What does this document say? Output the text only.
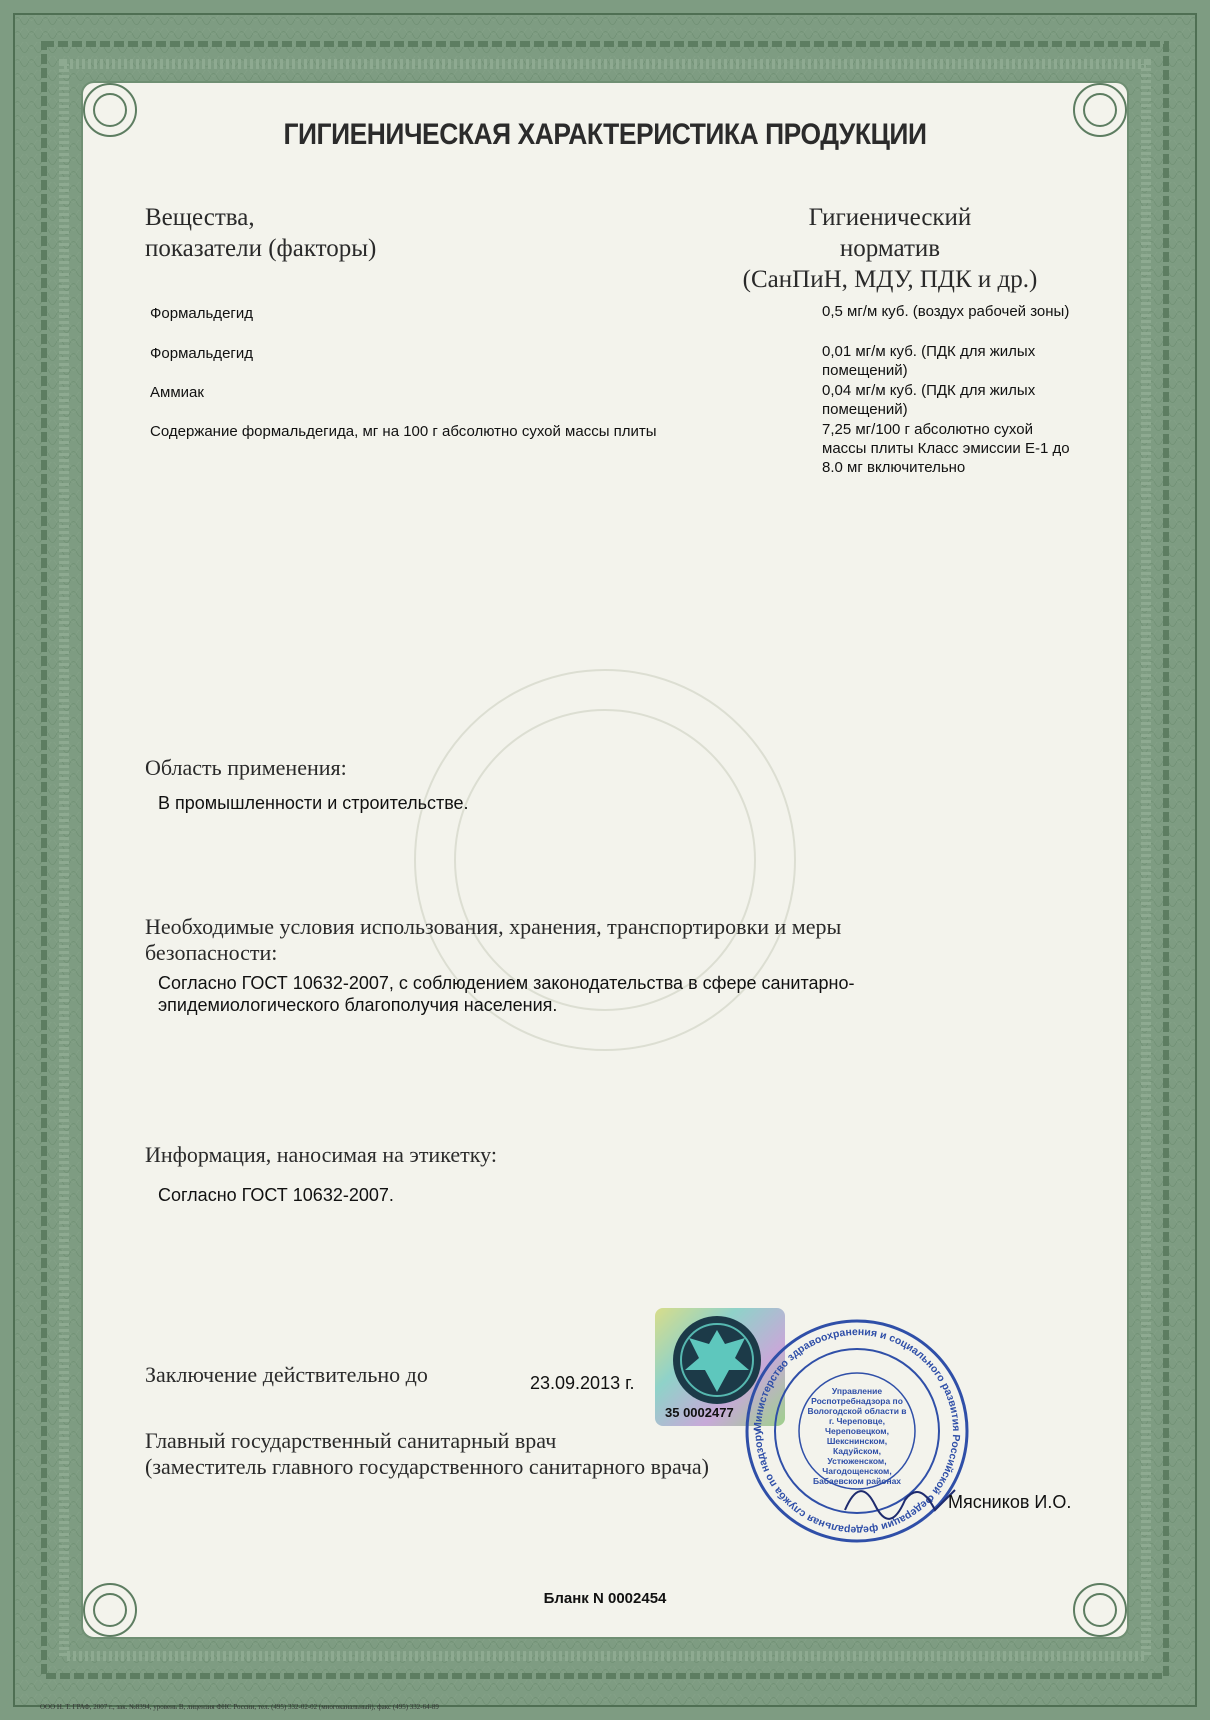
ГИГИЕНИЧЕСКАЯ ХАРАКТЕРИСТИКА ПРОДУКЦИИ
Вещества,
показатели (факторы)
Гигиенический
норматив
(СанПиН, МДУ, ПДК и др.)
Формальдегид	0,5 мг/м куб. (воздух рабочей зоны)
Формальдегид	0,01 мг/м куб. (ПДК для жилых помещений)
Аммиак	0,04 мг/м куб. (ПДК для жилых помещений)
Содержание формальдегида, мг на 100 г абсолютно сухой массы плиты	7,25 мг/100 г абсолютно сухой массы плиты Класс эмиссии Е-1 до 8.0 мг включительно
Область применения:
В промышленности и строительстве.
Необходимые условия использования, хранения, транспортировки и меры
безопасности:
Согласно ГОСТ 10632-2007, с соблюдением законодательства в сфере санитарно-
эпидемиологического благополучия населения.
Информация, наносимая на этикетку:
Согласно ГОСТ 10632-2007.
Заключение действительно до	23.09.2013 г.
Главный государственный санитарный врач
(заместитель главного государственного санитарного врача)
35 0002477
Министерство здравоохранения и социального развития Российской Федерации федеральная служба по надзору
Управление Роспотребнадзора по Вологодской области в г. Череповце, Череповецком, Шекснинском, Кадуйском, Устюженском, Чагодощенском, Бабаевском районах
Мясников И.О.
Бланк N 0002454
ООО Н. Т. ГРАФ, 2007 г., зак. №8394, уровень В, лицензия ФНС России, тел. (495) 332-02-02 (многоканальный), факс (495) 332-64-89
